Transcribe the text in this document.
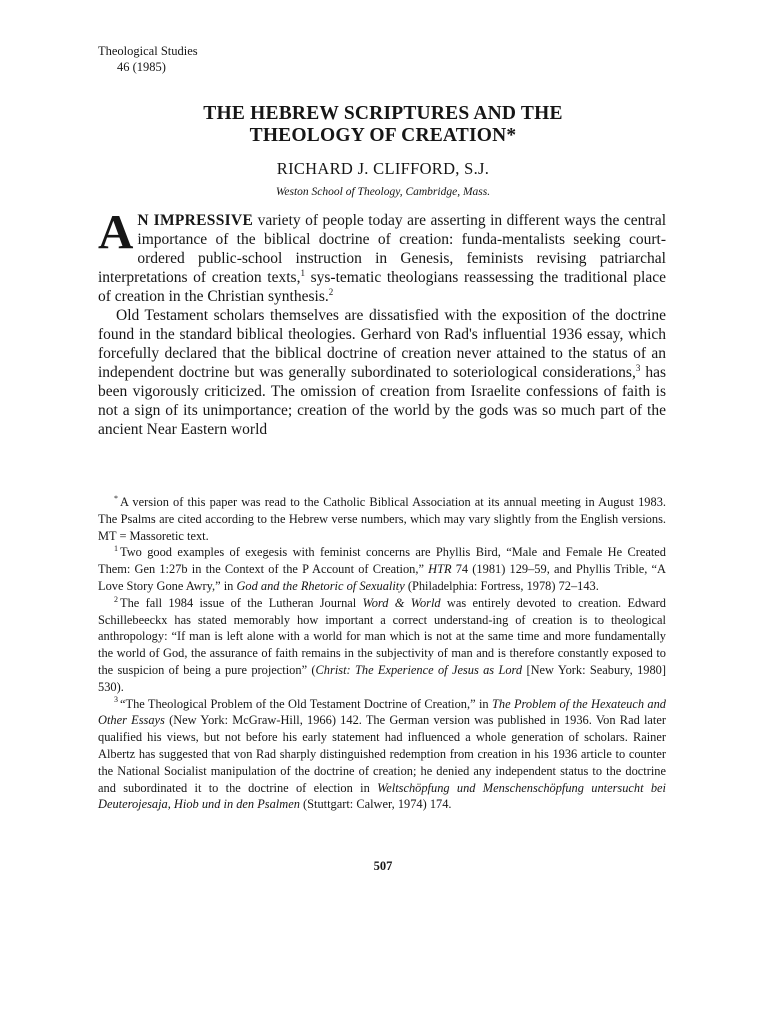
Theological Studies
46 (1985)
THE HEBREW SCRIPTURES AND THE
THEOLOGY OF CREATION*
RICHARD J. CLIFFORD, S.J.
Weston School of Theology, Cambridge, Mass.

A N IMPRESSIVE variety of people today are asserting in different ways the central importance of the biblical doctrine of creation: funda-mentalists seeking court-ordered public-school instruction in Genesis, feminists revising patriarchal interpretations of creation texts,$^1$ sys-tematic theologians reassessing the traditional place of creation in the Christian synthesis.$^2$

Old Testament scholars themselves are dissatisfied with the exposition of the doctrine found in the standard biblical theologies. Gerhard von Rad's influential 1936 essay, which forcefully declared that the biblical doctrine of creation never attained to the status of an independent doctrine but was generally subordinated to soteriological considerations,$^3$ has been vigorously criticized. The omission of creation from Israelite confessions of faith is not a sign of its unimportance; creation of the world by the gods was so much part of the ancient Near Eastern world

* A version of this paper was read to the Catholic Biblical Association at its annual meeting in August 1983. The Psalms are cited according to the Hebrew verse numbers, which may vary slightly from the English versions. MT = Massoretic text.

$^1$ Two good examples of exegesis with feminist concerns are Phyllis Bird, “Male and Female He Created Them: Gen 1:27b in the Context of the P Account of Creation,” HTR 74 (1981) 129–59, and Phyllis Trible, “A Love Story Gone Awry,” in God and the Rhetoric of Sexuality (Philadelphia: Fortress, 1978) 72–143.

$^2$ The fall 1984 issue of the Lutheran Journal Word & World was entirely devoted to creation. Edward Schillebeeckx has stated memorably how important a correct understand-ing of creation is to theological anthropology: “If man is left alone with a world for man which is not at the same time and more fundamentally the world of God, the assurance of faith remains in the subjectivity of man and is therefore constantly exposed to the suspicion of being a pure projection” (Christ: The Experience of Jesus as Lord [New York: Seabury, 1980] 530).

$^3$ “The Theological Problem of the Old Testament Doctrine of Creation,” in The Problem of the Hexateuch and Other Essays (New York: McGraw-Hill, 1966) 142. The German version was published in 1936. Von Rad later qualified his views, but not before his early statement had influenced a whole generation of scholars. Rainer Albertz has suggested that von Rad sharply distinguished redemption from creation in his 1936 article to counter the National Socialist manipulation of the doctrine of creation; he denied any independent status to the doctrine and subordinated it to the doctrine of election in Weltschöpfung und Menschenschöpfung untersucht bei Deuterojesaja, Hiob und in den Psalmen (Stuttgart: Calwer, 1974) 174.

507
